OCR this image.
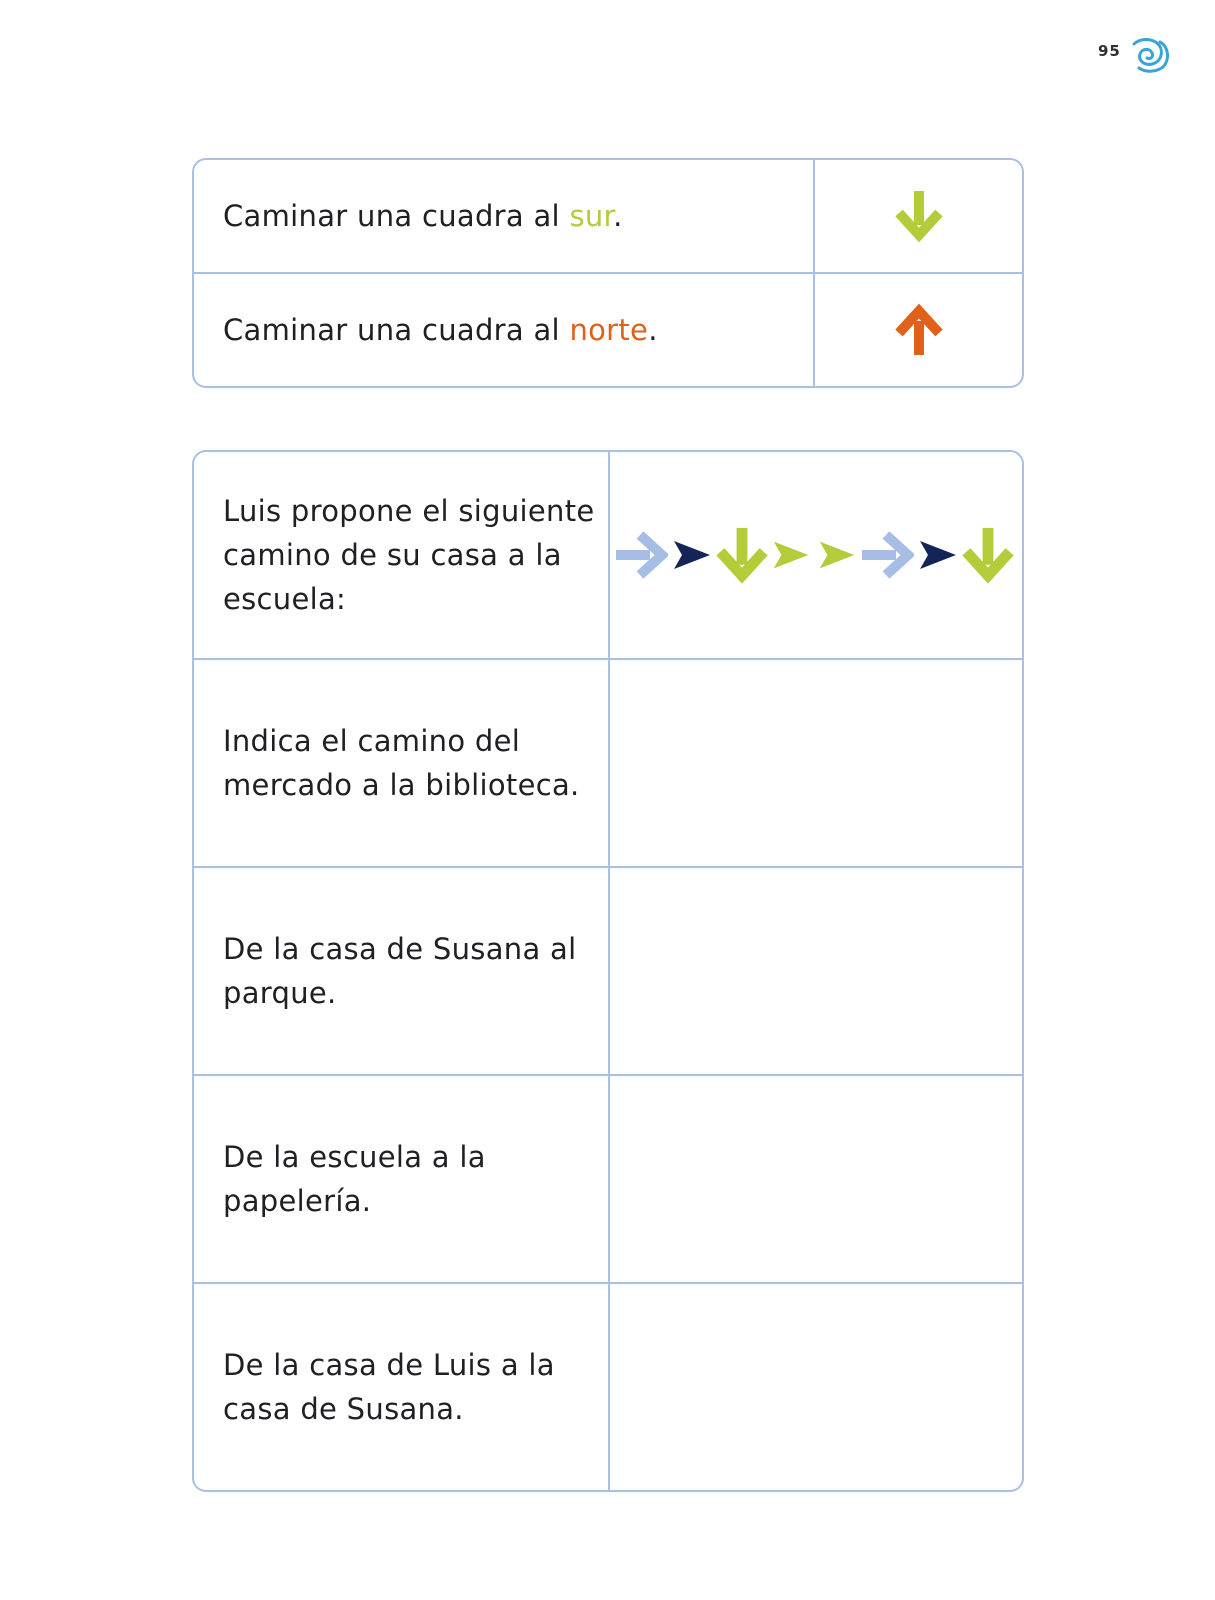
95
Caminar una cuadra al sur.	

Caminar una cuadra al norte.	
Luis propone el siguiente camino de su casa a la escuela:	

Indica el camino del mercado a la biblioteca.	
De la casa de Susana al parque.	
De la escuela a la papelería.	
De la casa de Luis a la casa de Susana.	
